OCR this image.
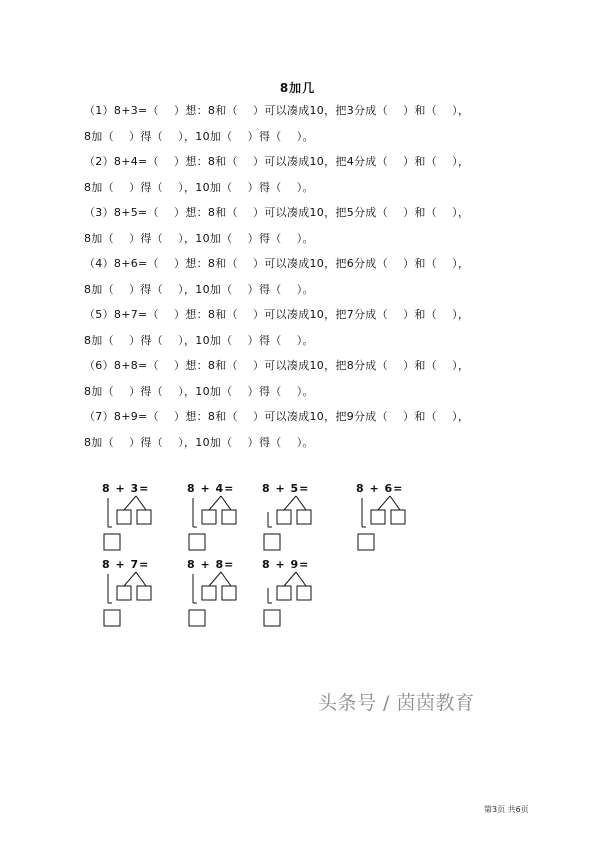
8加几
（1）8+3=（    ）想：8和（    ）可以凑成10，把3分成（    ）和（    ），
8加（    ）得（    ），10加（    ）得（    ）。
（2）8+4=（    ）想：8和（    ）可以凑成10，把4分成（    ）和（    ），
8加（    ）得（    ），10加（    ）得（    ）。
（3）8+5=（    ）想：8和（    ）可以凑成10，把5分成（    ）和（    ），
8加（    ）得（    ），10加（    ）得（    ）。
（4）8+6=（    ）想：8和（    ）可以凑成10，把6分成（    ）和（    ），
8加（    ）得（    ），10加（    ）得（    ）。
（5）8+7=（    ）想：8和（    ）可以凑成10，把7分成（    ）和（    ），
8加（    ）得（    ），10加（    ）得（    ）。
（6）8+8=（    ）想：8和（    ）可以凑成10，把8分成（    ）和（    ），
8加（    ）得（    ），10加（    ）得（    ）。
（7）8+9=（    ）想：8和（    ）可以凑成10，把9分成（    ）和（    ），
8加（    ）得（    ），10加（    ）得（    ）。
8 + 3=	8 + 4=	8 + 5=	8 + 6=
8 + 7=	8 + 8=	8 + 9=
头条号 / 茵茵教育
第3页 共6页
